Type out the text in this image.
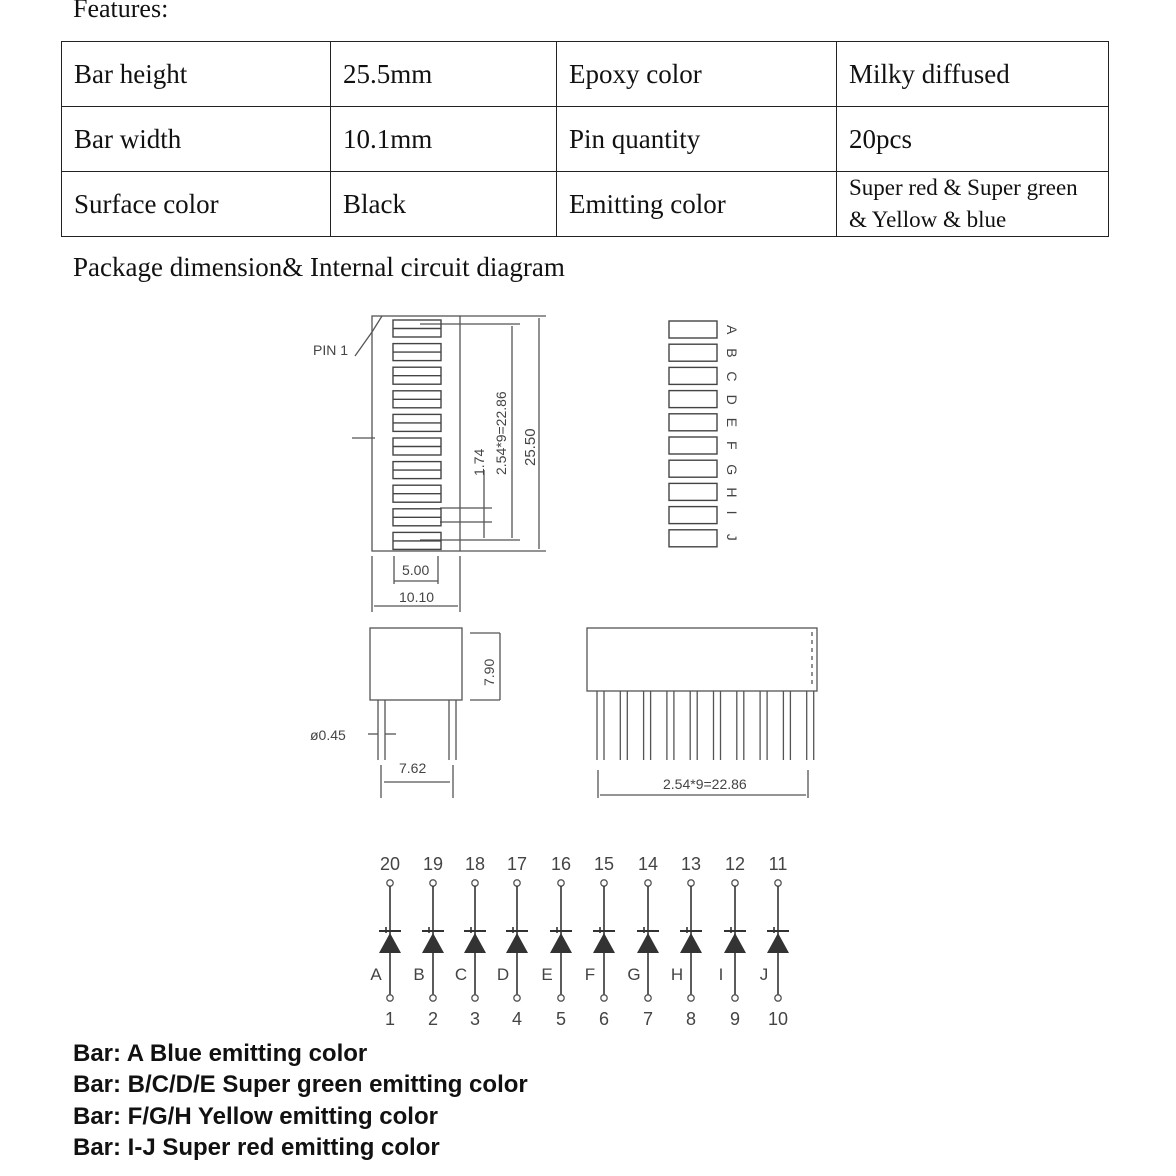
Features:
Bar height	25.5mm	Epoxy color	Milky diffused
Bar width	10.1mm	Pin quantity	20pcs
Surface color	Black	Emitting color	Super red & Super green
& Yellow & blue
Package dimension& Internal circuit diagram
A
B
C
D
E
F
G
H
I
J
20
A
1
19
B
2
18
C
3
17
D
4
16
E
5
15
F
6
14
G
7
13
H
8
12
I
9
11
J
10
PIN 1
2.54*9=22.86 25.50
1.74
5.00
10.10
7.90
ø0.45
7.62
2.54*9=22.86
Bar: A Blue emitting color
Bar: B/C/D/E Super green emitting color
Bar: F/G/H Yellow emitting color
Bar: I-J Super red emitting color
